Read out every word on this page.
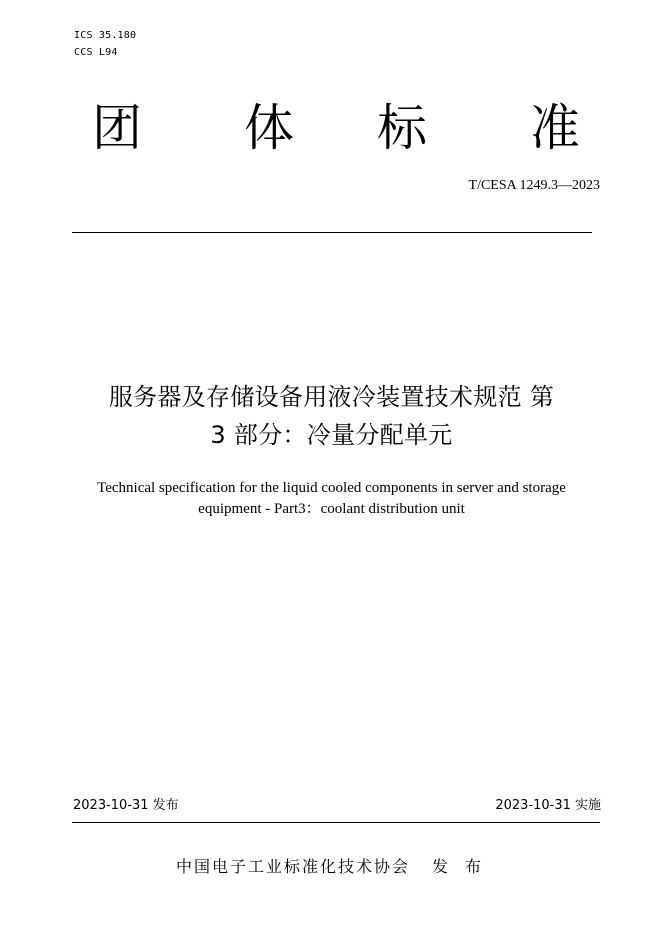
ICS 35.180
CCS L94
团 体 标 准
T/CESA 1249.3—2023
服务器及存储设备用液冷装置技术规范 第
3 部分：冷量分配单元
Technical specification for the liquid cooled components in server and storage
equipment - Part3：coolant distribution unit
2023-10-31 发布	2023-10-31 实施
中国电子工业标准化技术协会 发 布
